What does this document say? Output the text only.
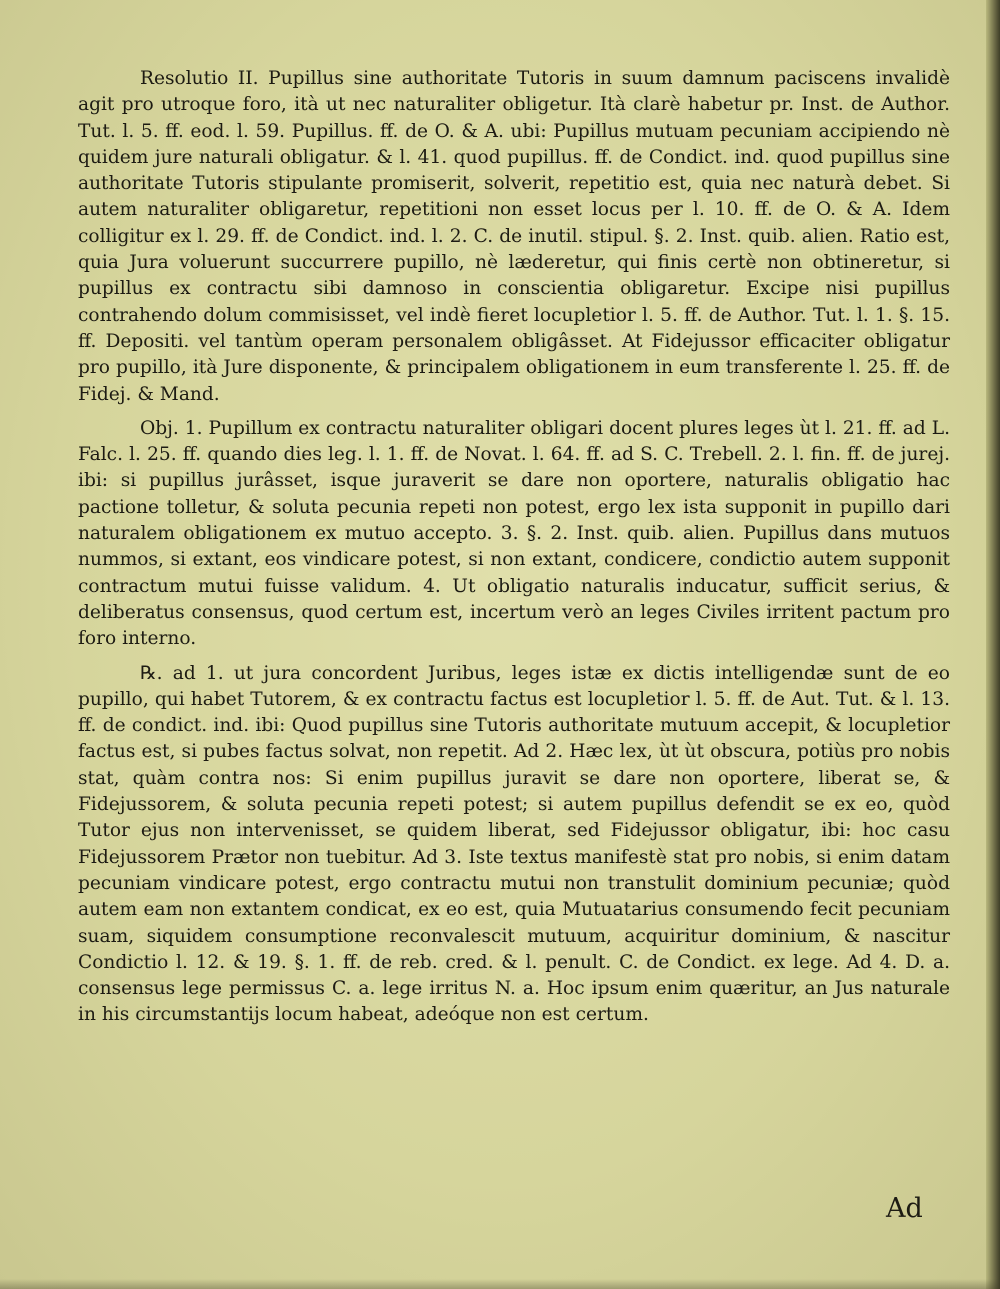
Resolutio II. Pupillus sine authoritate Tutoris in suum damnum paciscens invalidè agit pro utroque foro, ità ut nec naturaliter obligetur. Ità clarè habetur pr. Inst. de Author. Tut. l. 5. ff. eod. l. 59. Pupillus. ff. de O. & A. ubi: Pupillus mutuam pecuniam accipiendo nè quidem jure naturali obligatur. & l. 41. quod pupillus. ff. de Condict. ind. quod pupillus sine authoritate Tutoris stipulante promiserit, solverit, repetitio est, quia nec naturà debet. Si autem naturaliter obligaretur, repetitioni non esset locus per l. 10. ff. de O. & A. Idem colligitur ex l. 29. ff. de Condict. ind. l. 2. C. de inutil. stipul. §. 2. Inst. quib. alien. Ratio est, quia Jura voluerunt succurrere pupillo, nè læderetur, qui finis certè non obtineretur, si pupillus ex contractu sibi damnoso in conscientia obligaretur. Excipe nisi pupillus contrahendo dolum commisisset, vel indè fieret locupletior l. 5. ff. de Author. Tut. l. 1. §. 15. ff. Depositi. vel tantùm operam personalem obligâsset. At Fidejussor efficaciter obligatur pro pupillo, ità Jure disponente, & principalem obligationem in eum transferente l. 25. ff. de Fidej. & Mand.

Obj. 1. Pupillum ex contractu naturaliter obligari docent plures leges ùt l. 21. ff. ad L. Falc. l. 25. ff. quando dies leg. l. 1. ff. de Novat. l. 64. ff. ad S. C. Trebell. 2. l. fin. ff. de jurej. ibi: si pupillus jurâsset, isque juraverit se dare non oportere, naturalis obligatio hac pactione tolletur, & soluta pecunia repeti non potest, ergo lex ista supponit in pupillo dari naturalem obligationem ex mutuo accepto. 3. §. 2. Inst. quib. alien. Pupillus dans mutuos nummos, si extant, eos vindicare potest, si non extant, condicere, condictio autem supponit contractum mutui fuisse validum. 4. Ut obligatio naturalis inducatur, sufficit serius, & deliberatus consensus, quod certum est, incertum verò an leges Civiles irritent pactum pro foro interno.

℞. ad 1. ut jura concordent Juribus, leges istæ ex dictis intelligendæ sunt de eo pupillo, qui habet Tutorem, & ex contractu factus est locupletior l. 5. ff. de Aut. Tut. & l. 13. ff. de condict. ind. ibi: Quod pupillus sine Tutoris authoritate mutuum accepit, & locupletior factus est, si pubes factus solvat, non repetit. Ad 2. Hæc lex, ùt ùt obscura, potiùs pro nobis stat, quàm contra nos: Si enim pupillus juravit se dare non oportere, liberat se, & Fidejussorem, & soluta pecunia repeti potest; si autem pupillus defendit se ex eo, quòd Tutor ejus non intervenisset, se quidem liberat, sed Fidejussor obligatur, ibi: hoc casu Fidejussorem Prætor non tuebitur. Ad 3. Iste textus manifestè stat pro nobis, si enim datam pecuniam vindicare potest, ergo contractu mutui non transtulit dominium pecuniæ; quòd autem eam non extantem condicat, ex eo est, quia Mutuatarius consumendo fecit pecuniam suam, siquidem consumptione reconvalescit mutuum, acquiritur dominium, & nascitur Condictio l. 12. & 19. §. 1. ff. de reb. cred. & l. penult. C. de Condict. ex lege. Ad 4. D. a. consensus lege permissus C. a. lege irritus N. a. Hoc ipsum enim quæritur, an Jus naturale in his circumstantijs locum habeat, adeóque non est certum.

Ad
